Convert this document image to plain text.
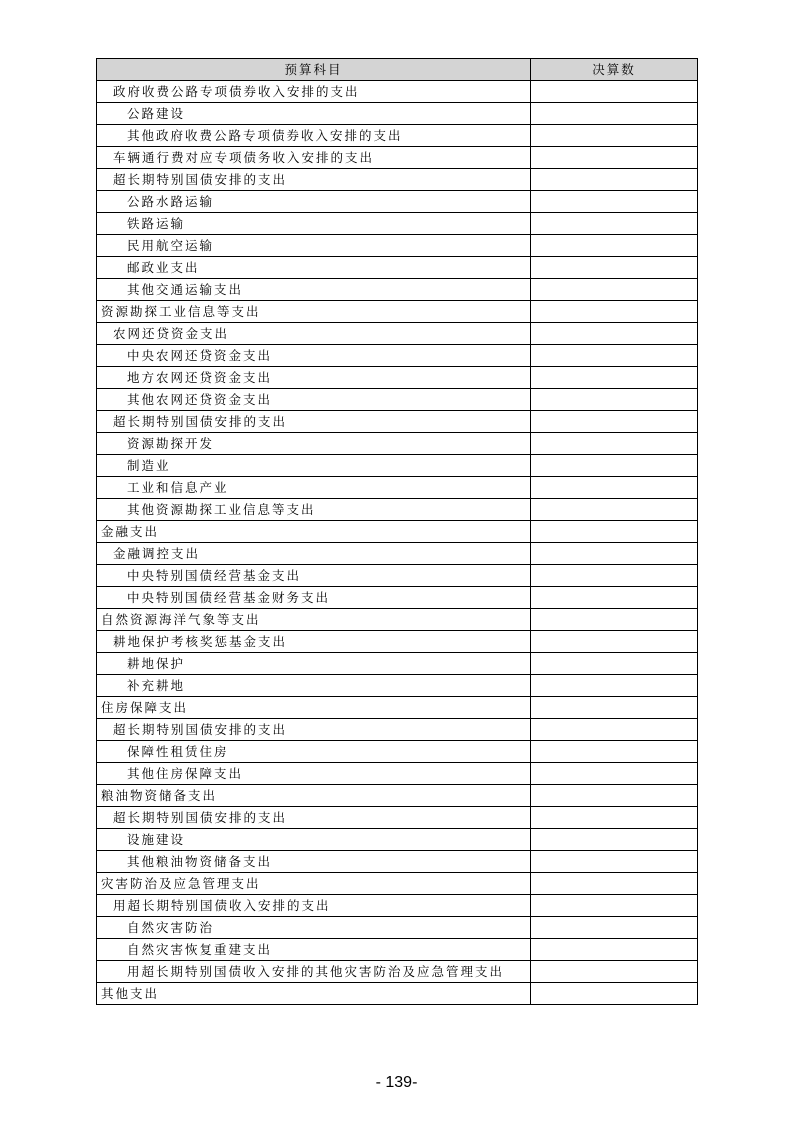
预算科目	决算数
政府收费公路专项债券收入安排的支出	
公路建设	
其他政府收费公路专项债券收入安排的支出	
车辆通行费对应专项债务收入安排的支出	
超长期特别国债安排的支出	
公路水路运输	
铁路运输	
民用航空运输	
邮政业支出	
其他交通运输支出	
资源勘探工业信息等支出	
农网还贷资金支出	
中央农网还贷资金支出	
地方农网还贷资金支出	
其他农网还贷资金支出	
超长期特别国债安排的支出	
资源勘探开发	
制造业	
工业和信息产业	
其他资源勘探工业信息等支出	
金融支出	
金融调控支出	
中央特别国债经营基金支出	
中央特别国债经营基金财务支出	
自然资源海洋气象等支出	
耕地保护考核奖惩基金支出	
耕地保护	
补充耕地	
住房保障支出	
超长期特别国债安排的支出	
保障性租赁住房	
其他住房保障支出	
粮油物资储备支出	
超长期特别国债安排的支出	
设施建设	
其他粮油物资储备支出	
灾害防治及应急管理支出	
用超长期特别国债收入安排的支出	
自然灾害防治	
自然灾害恢复重建支出	
用超长期特别国债收入安排的其他灾害防治及应急管理支出	
其他支出	
- 139-
